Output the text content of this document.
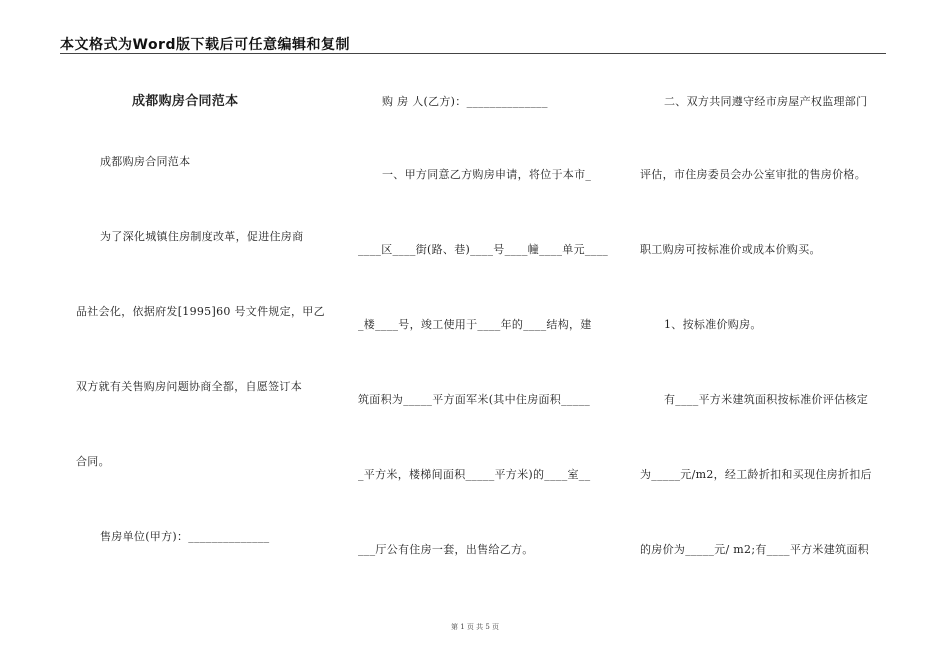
本文格式为Word版下载后可任意编辑和复制
成都购房合同范本
成都购房合同范本
为了深化城镇住房制度改革，促进住房商
品社会化，依据府发[1995]60 号文件规定，甲乙
双方就有关售购房问题协商全都，自愿签订本
合同。
售房单位(甲方)：______________
购 房 人(乙方)：______________
一、甲方同意乙方购房申请，将位于本市_
____区____街(路、巷)____号____幢____单元____
_楼____号，竣工使用于____年的____结构，建
筑面积为_____平方面军米(其中住房面积_____
_平方米，楼梯间面积_____平方米)的____室__
___厅公有住房一套，出售给乙方。
二、双方共同遵守经市房屋产权监理部门
评估，市住房委员会办公室审批的售房价格。
职工购房可按标准价或成本价购买。
1、按标准价购房。
有____平方米建筑面积按标准价评估核定
为_____元/m2，经工龄折扣和买现住房折扣后
的房价为_____元/ m2;有____平方米建筑面积
第 1 页 共 5 页
